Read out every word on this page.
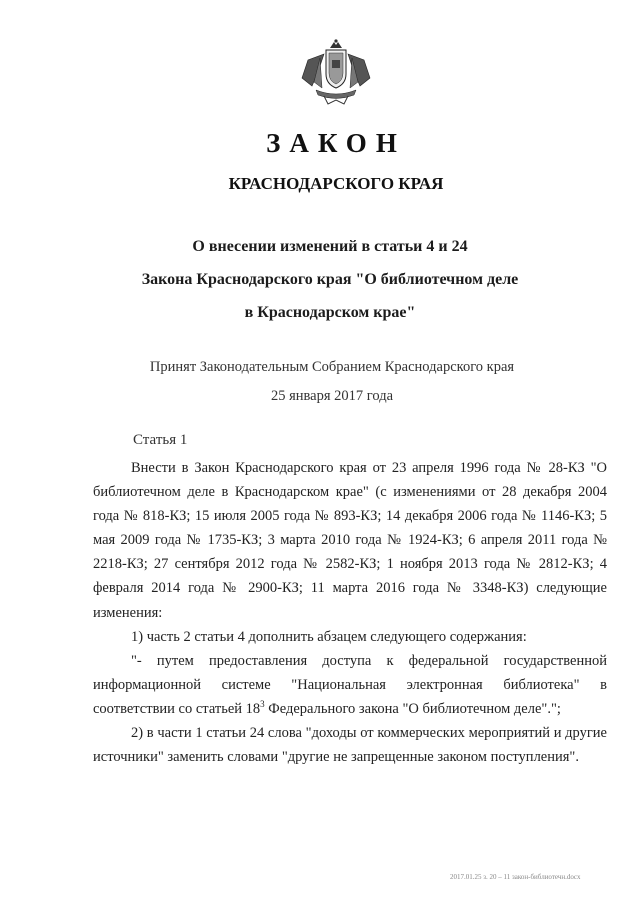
ЗАКОН
КРАСНОДАРСКОГО КРАЯ
О внесении изменений в статьи 4 и 24
Закона Краснодарского края "О библиотечном деле
в Краснодарском крае"
Принят Законодательным Собранием Краснодарского края
25 января 2017 года
Статья 1

Внести в Закон Краснодарского края от 23 апреля 1996 года № 28-КЗ "О библиотечном деле в Краснодарском крае" (с изменениями от 28 декабря 2004 года № 818-КЗ; 15 июля 2005 года № 893-КЗ; 14 декабря 2006 года № 1146-КЗ; 5 мая 2009 года № 1735-КЗ; 3 марта 2010 года № 1924-КЗ; 6 апреля 2011 года № 2218-КЗ; 27 сентября 2012 года № 2582-КЗ; 1 ноября 2013 года № 2812-КЗ; 4 февраля 2014 года № 2900-КЗ; 11 марта 2016 года № 3348-КЗ) следующие изменения:

1) часть 2 статьи 4 дополнить абзацем следующего содержания:

"- путем предоставления доступа к федеральной государственной информационной системе "Национальная электронная библиотека" в соответствии со статьей $18^3$ Федерального закона "О библиотечном деле".";

2) в части 1 статьи 24 слова "доходы от коммерческих мероприятий и другие источники" заменить словами "другие не запрещенные законом поступления".

2017.01.25 з. 20 – 11 закон-библиотечн.docx
